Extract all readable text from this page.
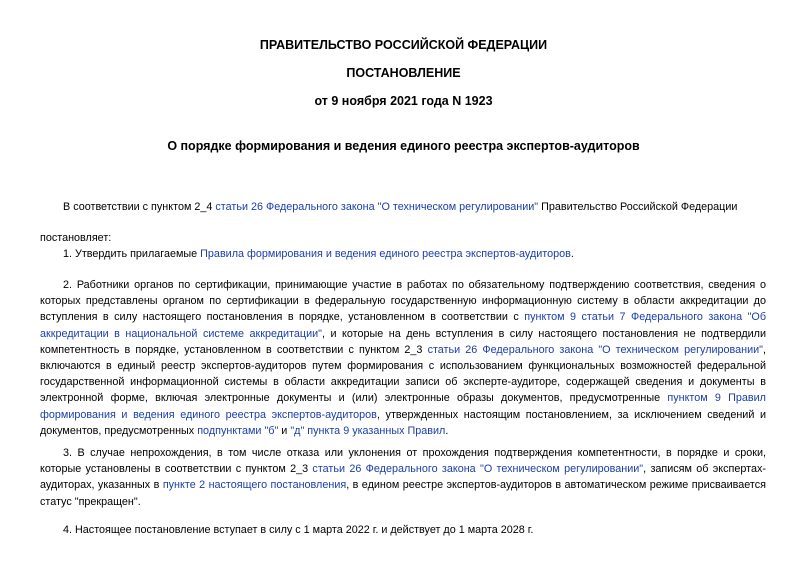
ПРАВИТЕЛЬСТВО РОССИЙСКОЙ ФЕДЕРАЦИИ

ПОСТАНОВЛЕНИЕ

от 9 ноября 2021 года N 1923

О порядке формирования и ведения единого реестра экспертов-аудиторов

В соответствии с пунктом 2_4 статьи 26 Федерального закона "О техническом регулировании" Правительство Российской Федерации

постановляет:

1. Утвердить прилагаемые Правила формирования и ведения единого реестра экспертов-аудиторов.

2. Работники органов по сертификации, принимающие участие в работах по обязательному подтверждению соответствия, сведения о которых представлены органом по сертификации в федеральную государственную информационную систему в области аккредитации до вступления в силу настоящего постановления в порядке, установленном в соответствии с пунктом 9 статьи 7 Федерального закона "Об аккредитации в национальной системе аккредитации", и которые на день вступления в силу настоящего постановления не подтвердили компетентность в порядке, установленном в соответствии с пунктом 2_3 статьи 26 Федерального закона "О техническом регулировании", включаются в единый реестр экспертов-аудиторов путем формирования с использованием функциональных возможностей федеральной государственной информационной системы в области аккредитации записи об эксперте-аудиторе, содержащей сведения и документы в электронной форме, включая электронные документы и (или) электронные образы документов, предусмотренные пунктом 9 Правил формирования и ведения единого реестра экспертов-аудиторов, утвержденных настоящим постановлением, за исключением сведений и документов, предусмотренных подпунктами "б" и "д" пункта 9 указанных Правил.

3. В случае непрохождения, в том числе отказа или уклонения от прохождения подтверждения компетентности, в порядке и сроки, которые установлены в соответствии с пунктом 2_3 статьи 26 Федерального закона "О техническом регулировании", записям об экспертах-аудиторах, указанных в пункте 2 настоящего постановления, в едином реестре экспертов-аудиторов в автоматическом режиме присваивается статус "прекращен".

4. Настоящее постановление вступает в силу с 1 марта 2022 г. и действует до 1 марта 2028 г.
